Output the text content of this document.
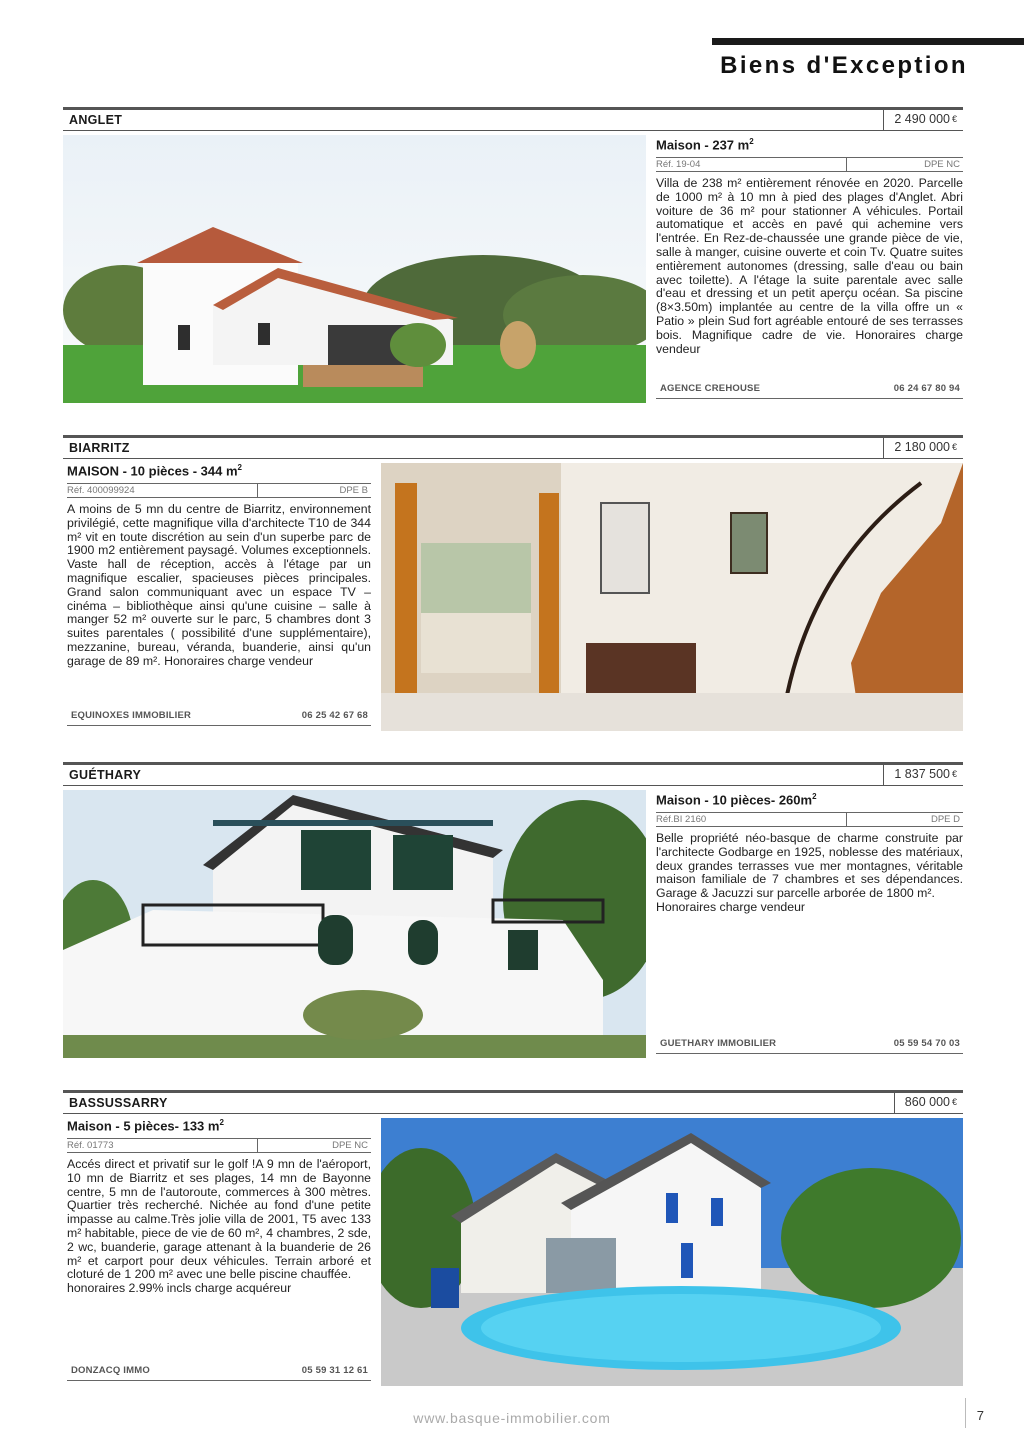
Biens d'Exception
ANGLET	2 490 000 €
Maison - 237 $m^2$
Réf. 19-04	DPE NC
Villa de 238 m² entièrement rénovée en 2020. Parcelle de 1000 m² à 10 mn à pied des plages d'Anglet. Abri voiture de 36 m² pour stationner A véhicules. Portail automatique et accès en pavé qui achemine vers l'entrée. En Rez-de-chaussée une grande pièce de vie, salle à manger, cuisine ouverte et coin Tv. Quatre suites entièrement autonomes (dressing, salle d'eau ou bain avec toilette). A l'étage la suite parentale avec salle d'eau et dressing et un petit aperçu océan. Sa piscine (8×3.50m) implantée au centre de la villa offre un « Patio » plein Sud fort agréable entouré de ses terrasses bois. Magnifique cadre de vie. Honoraires charge vendeur
AGENCE CREHOUSE	06 24 67 80 94
BIARRITZ	2 180 000 €
MAISON - 10 pièces - 344 $m^2$
Réf. 400099924	DPE B
A moins de 5 mn du centre de Biarritz, environnement privilégié, cette magnifique villa d'architecte T10 de 344 m² vit en toute discrétion au sein d'un superbe parc de 1900 m2 entièrement paysagé. Volumes exceptionnels. Vaste hall de réception, accès à l'étage par un magnifique escalier, spacieuses pièces principales. Grand salon communiquant avec un espace TV – cinéma – bibliothèque ainsi qu'une cuisine – salle à manger 52 m² ouverte sur le parc, 5 chambres dont 3 suites parentales ( possibilité d'une supplémentaire), mezzanine, bureau, véranda, buanderie, ainsi qu'un garage de 89 m². Honoraires charge vendeur
EQUINOXES IMMOBILIER	06 25 42 67 68
GUÉTHARY	1 837 500 €
Maison - 10 pièces- $260m^2$
Réf.BI 2160	DPE D
Belle propriété néo-basque de charme construite par l'architecte Godbarge en 1925, noblesse des matériaux, deux grandes terrasses vue mer montagnes, véritable maison familiale de 7 chambres et ses dépendances. Garage & Jacuzzi sur parcelle arborée de 1800 m².
Honoraires charge vendeur
GUETHARY IMMOBILIER	05 59 54 70 03
BASSUSSARRY	860 000 €
Maison - 5 pièces- 133 $m^2$
Réf. 01773	DPE NC
Accés direct et privatif sur le golf !A 9 mn de l'aéroport, 10 mn de Biarritz et ses plages, 14 mn de Bayonne centre, 5 mn de l'autoroute, commerces à 300 mètres. Quartier très recherché. Nichée au fond d'une petite impasse au calme.Très jolie villa de 2001, T5 avec 133 m² habitable, piece de vie de 60 m², 4 chambres, 2 sde, 2 wc, buanderie, garage attenant à la buanderie de 26 m² et carport pour deux véhicules. Terrain arboré et cloturé de 1 200 m² avec une belle piscine chauffée.
honoraires 2.99% incls charge acquéreur
DONZACQ IMMO	05 59 31 12 61
www.basque-immobilier.com	7
